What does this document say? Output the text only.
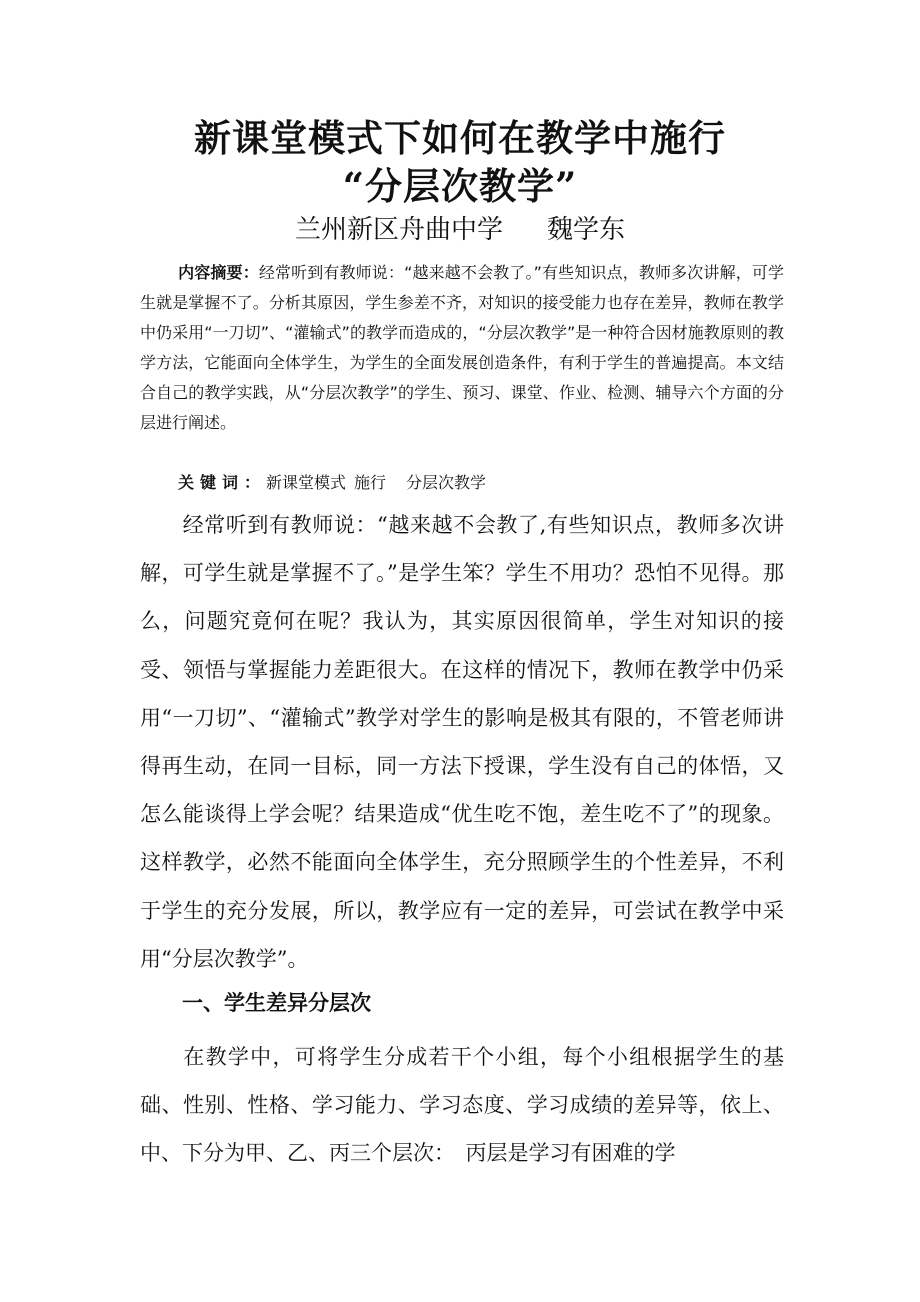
新课堂模式下如何在教学中施行
“分层次教学”
兰州新区舟曲中学 魏学东
内容摘要：经常听到有教师说：“越来越不会教了。”有些知识点，教师多次讲解，可学生就是掌握不了。分析其原因，学生参差不齐，对知识的接受能力也存在差异，教师在教学中仍采用“一刀切”、“灌输式”的教学而造成的，“分层次教学”是一种符合因材施教原则的教学方法，它能面向全体学生，为学生的全面发展创造条件，有利于学生的普遍提高。本文结合自己的教学实践，从“分层次教学”的学生、预习、课堂、作业、检测、辅导六个方面的分层进行阐述。
关键词：新课堂模式 施行 分层次教学
经常听到有教师说：“越来越不会教了,有些知识点，教师多次讲解，可学生就是掌握不了。”是学生笨？学生不用功？恐怕不见得。那么，问题究竟何在呢？我认为，其实原因很简单，学生对知识的接受、领悟与掌握能力差距很大。在这样的情况下，教师在教学中仍采用“一刀切”、“灌输式”教学对学生的影响是极其有限的，不管老师讲得再生动，在同一目标，同一方法下授课，学生没有自己的体悟，又怎么能谈得上学会呢？结果造成“优生吃不饱，差生吃不了”的现象。这样教学，必然不能面向全体学生，充分照顾学生的个性差异，不利于学生的充分发展，所以，教学应有一定的差异，可尝试在教学中采用“分层次教学”。
一、学生差异分层次
在教学中，可将学生分成若干个小组，每个小组根据学生的基础、性别、性格、学习能力、学习态度、学习成绩的差异等，依上、中、下分为甲、乙、丙三个层次：　丙层是学习有困难的学
